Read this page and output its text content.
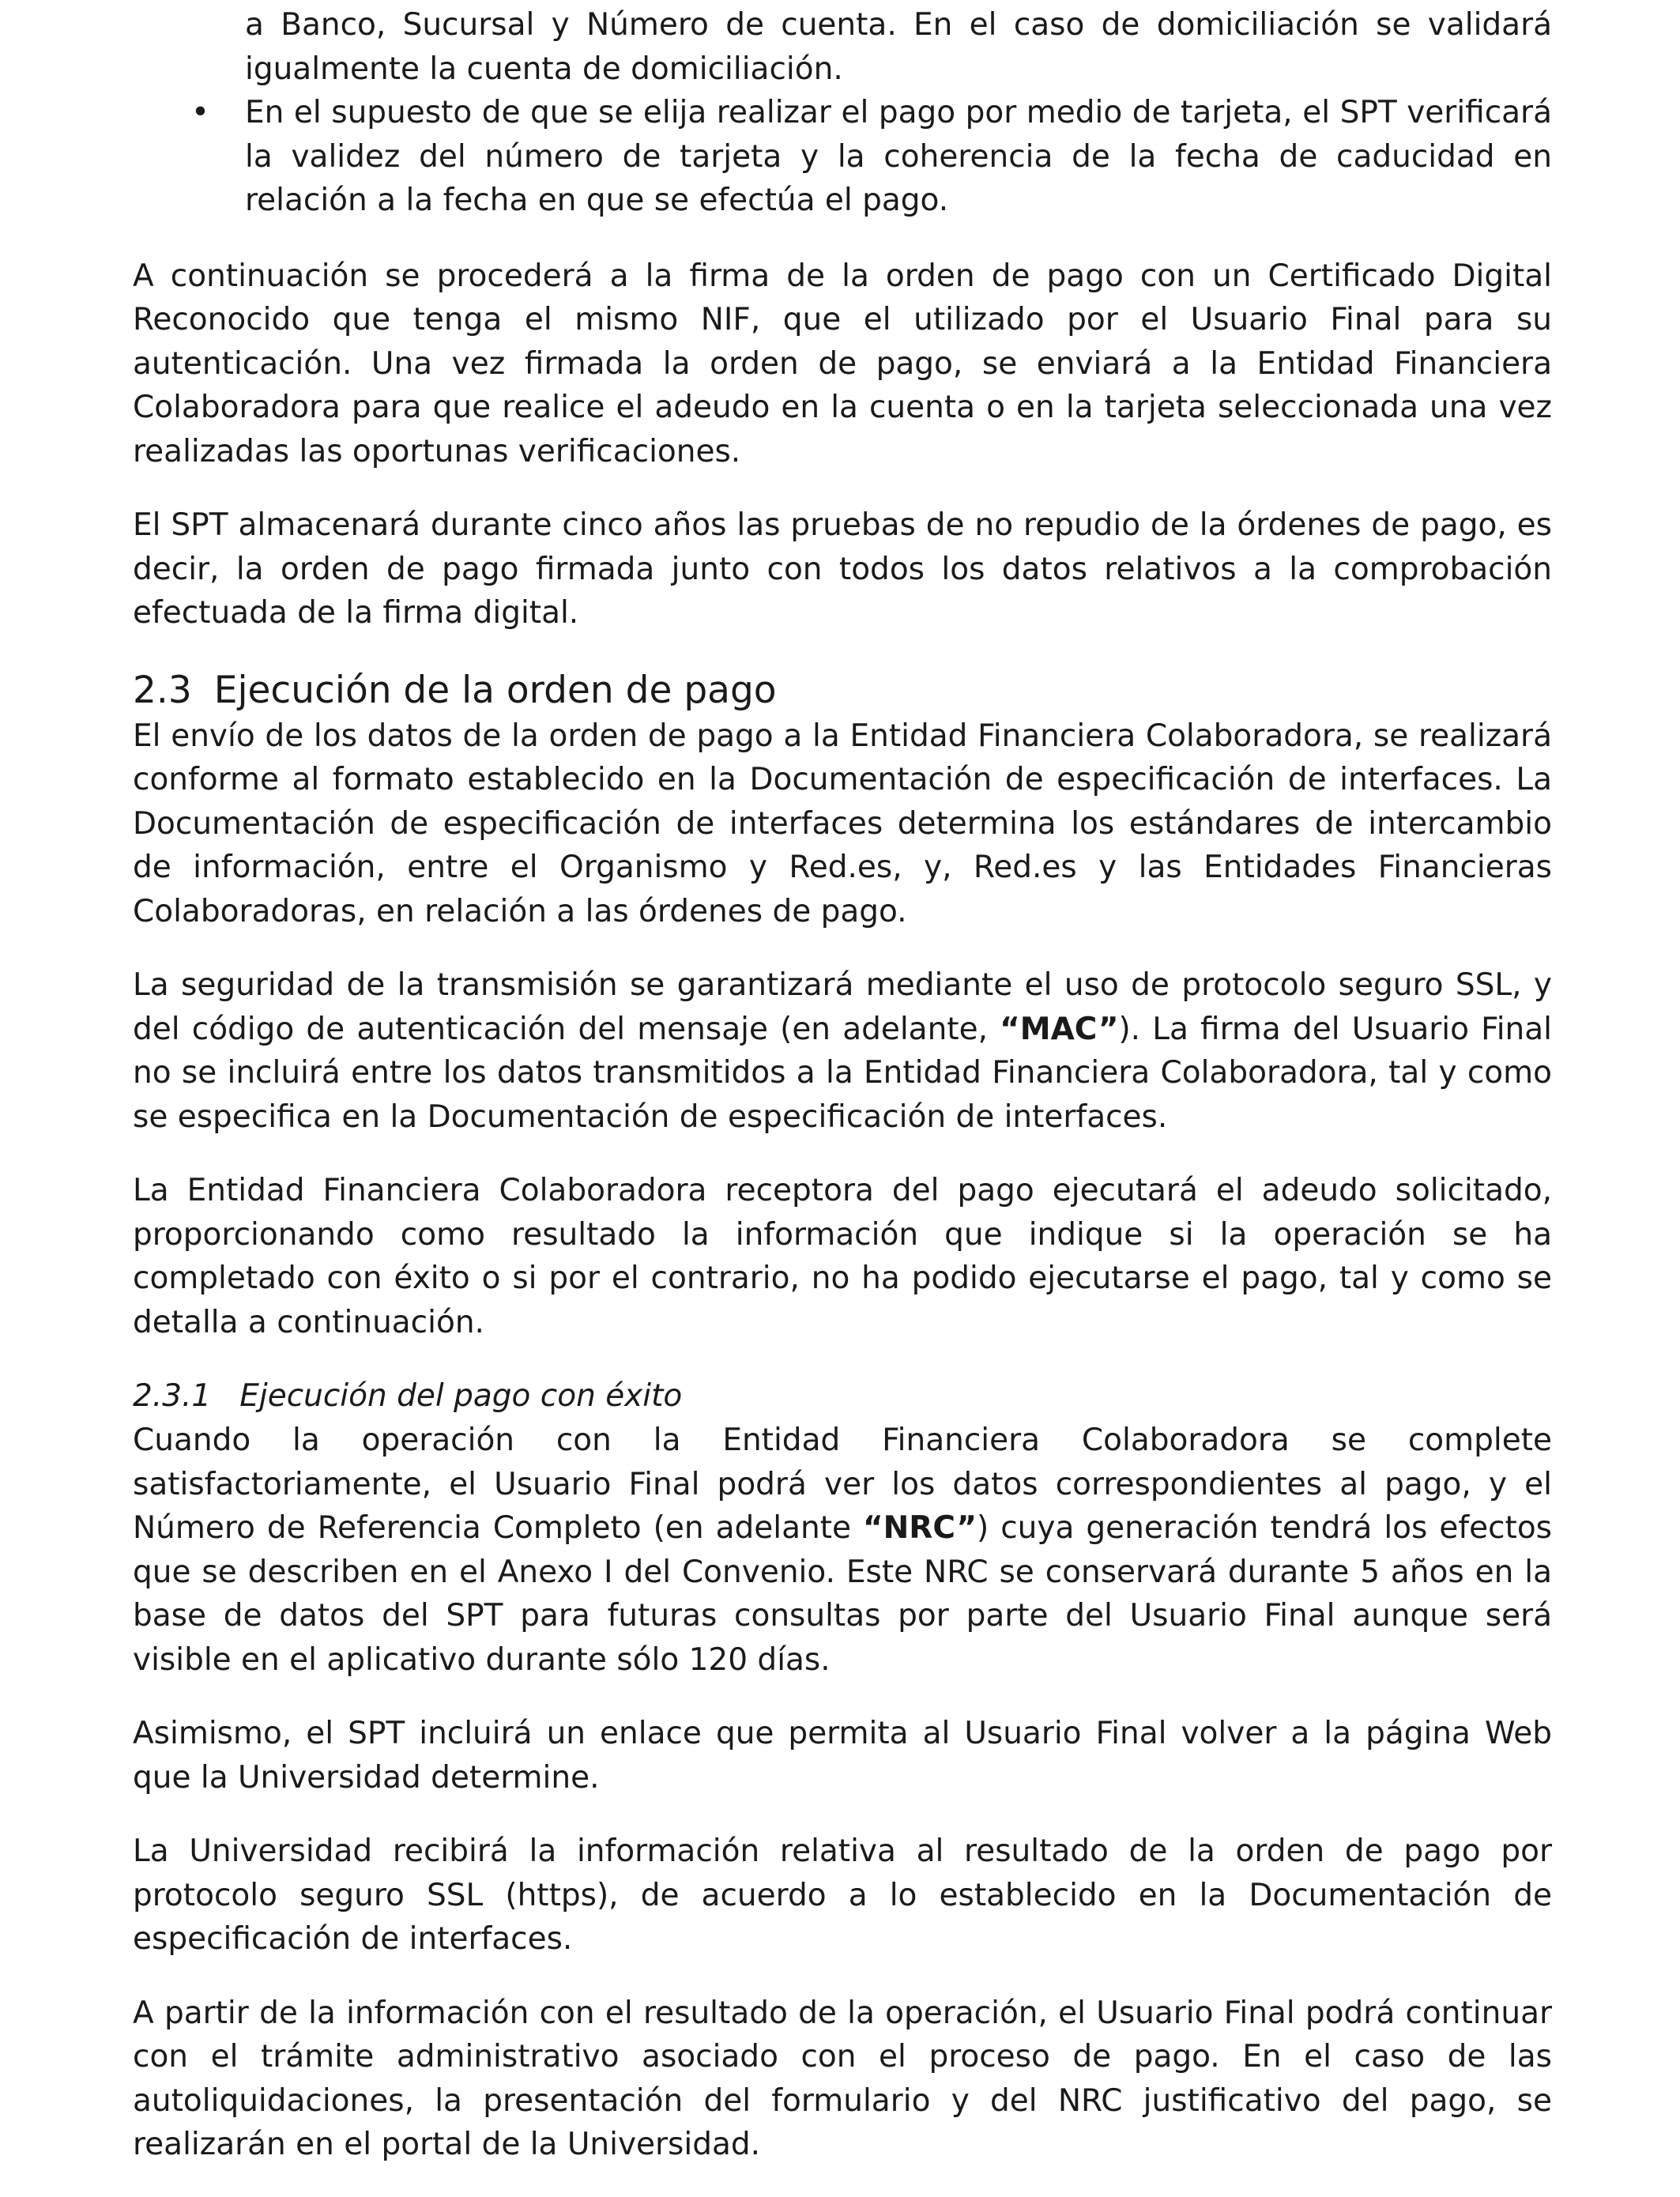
a Banco, Sucursal y Número de cuenta. En el caso de domiciliación se validará igualmente la cuenta de domiciliación.

•	En el supuesto de que se elija realizar el pago por medio de tarjeta, el SPT verificará la validez del número de tarjeta y la coherencia de la fecha de caducidad en relación a la fecha en que se efectúa el pago.

A continuación se procederá a la firma de la orden de pago con un Certificado Digital Reconocido que tenga el mismo NIF, que el utilizado por el Usuario Final para su autenticación. Una vez firmada la orden de pago, se enviará a la Entidad Financiera Colaboradora para que realice el adeudo en la cuenta o en la tarjeta seleccionada una vez realizadas las oportunas verificaciones.

El SPT almacenará durante cinco años las pruebas de no repudio de la órdenes de pago, es decir, la orden de pago firmada junto con todos los datos relativos a la comprobación efectuada de la firma digital.

2.3 Ejecución de la orden de pago

El envío de los datos de la orden de pago a la Entidad Financiera Colaboradora, se realizará conforme al formato establecido en la Documentación de especificación de interfaces. La Documentación de especificación de interfaces determina los estándares de intercambio de información, entre el Organismo y Red.es, y, Red.es y las Entidades Financieras Colaboradoras, en relación a las órdenes de pago.

La seguridad de la transmisión se garantizará mediante el uso de protocolo seguro SSL, y del código de autenticación del mensaje (en adelante, “MAC”). La firma del Usuario Final no se incluirá entre los datos transmitidos a la Entidad Financiera Colaboradora, tal y como se especifica en la Documentación de especificación de interfaces.

La Entidad Financiera Colaboradora receptora del pago ejecutará el adeudo solicitado, proporcionando como resultado la información que indique si la operación se ha completado con éxito o si por el contrario, no ha podido ejecutarse el pago, tal y como se detalla a continuación.

2.3.1 Ejecución del pago con éxito

Cuando la operación con la Entidad Financiera Colaboradora se complete satisfactoriamente, el Usuario Final podrá ver los datos correspondientes al pago, y el Número de Referencia Completo (en adelante “NRC”) cuya generación tendrá los efectos que se describen en el Anexo I del Convenio. Este NRC se conservará durante 5 años en la base de datos del SPT para futuras consultas por parte del Usuario Final aunque será visible en el aplicativo durante sólo 120 días.

Asimismo, el SPT incluirá un enlace que permita al Usuario Final volver a la página Web que la Universidad determine.

La Universidad recibirá la información relativa al resultado de la orden de pago por protocolo seguro SSL (https), de acuerdo a lo establecido en la Documentación de especificación de interfaces.

A partir de la información con el resultado de la operación, el Usuario Final podrá continuar con el trámite administrativo asociado con el proceso de pago. En el caso de las autoliquidaciones, la presentación del formulario y del NRC justificativo del pago, se realizarán en el portal de la Universidad.
